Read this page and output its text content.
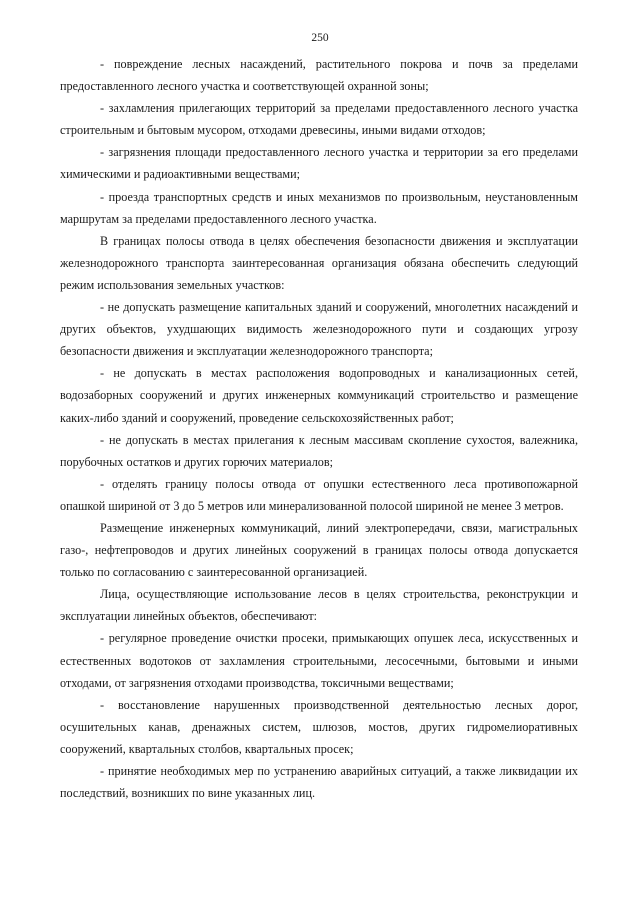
250

- повреждение лесных насаждений, растительного покрова и почв за пределами предоставленного лесного участка и соответствующей охранной зоны;

- захламления прилегающих территорий за пределами предоставленного лесного участка строительным и бытовым мусором, отходами древесины, иными видами отходов;

- загрязнения площади предоставленного лесного участка и территории за его пределами химическими и радиоактивными веществами;

- проезда транспортных средств и иных механизмов по произвольным, неустановленным маршрутам за пределами предоставленного лесного участка.

В границах полосы отвода в целях обеспечения безопасности движения и эксплуатации железнодорожного транспорта заинтересованная организация обязана обеспечить следующий режим использования земельных участков:

- не допускать размещение капитальных зданий и сооружений, многолетних насаждений и других объектов, ухудшающих видимость железнодорожного пути и создающих угрозу безопасности движения и эксплуатации железнодорожного транспорта;

- не допускать в местах расположения водопроводных и канализационных сетей, водозаборных сооружений и других инженерных коммуникаций строительство и размещение каких-либо зданий и сооружений, проведение сельскохозяйственных работ;

- не допускать в местах прилегания к лесным массивам скопление сухостоя, валежника, порубочных остатков и других горючих материалов;

- отделять границу полосы отвода от опушки естественного леса противопожарной опашкой шириной от 3 до 5 метров или минерализованной полосой шириной не менее 3 метров.

Размещение инженерных коммуникаций, линий электропередачи, связи, магистральных газо-, нефтепроводов и других линейных сооружений в границах полосы отвода допускается только по согласованию с заинтересованной организацией.

Лица, осуществляющие использование лесов в целях строительства, реконструкции и эксплуатации линейных объектов, обеспечивают:

- регулярное проведение очистки просеки, примыкающих опушек леса, искусственных и естественных водотоков от захламления строительными, лесосечными, бытовыми и иными отходами, от загрязнения отходами производства, токсичными веществами;

- восстановление нарушенных производственной деятельностью лесных дорог, осушительных канав, дренажных систем, шлюзов, мостов, других гидромелиоративных сооружений, квартальных столбов, квартальных просек;

- принятие необходимых мер по устранению аварийных ситуаций, а также ликвидации их последствий, возникших по вине указанных лиц.
